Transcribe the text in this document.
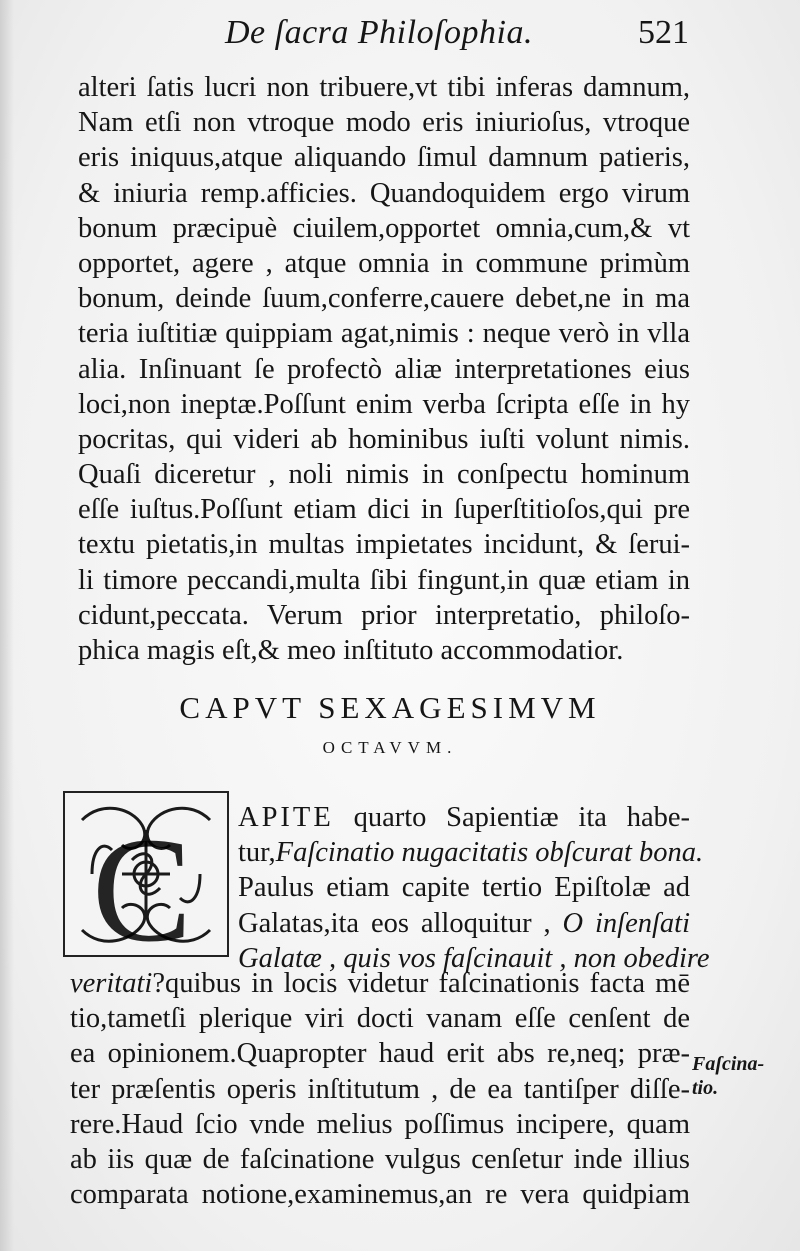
De ſacra Philoſophia.	521
alteri ſatis lucri non tribuere,vt tibi inferas damnum,
Nam etſi non vtroque modo eris iniurioſus, vtroque
eris iniquus,atque aliquando ſimul damnum patieris,
& iniuria remp.afficies. Quandoquidem ergo virum
bonum præcipuè ciuilem,opportet omnia,cum,& vt
opportet, agere , atque omnia in commune primùm
bonum, deinde ſuum,conferre,cauere debet,ne in ma
teria iuſtitiæ quippiam agat,nimis : neque verò in vlla
alia. Inſinuant ſe profectò aliæ interpretationes eius
loci,non ineptæ.Poſſunt enim verba ſcripta eſſe in hy
pocritas, qui videri ab hominibus iuſti volunt nimis.
Quaſi diceretur , noli nimis in conſpectu hominum
eſſe iuſtus.Poſſunt etiam dici in ſuperſtitioſos,qui pre
textu pietatis,in multas impietates incidunt, & ſerui-
li timore peccandi,multa ſibi fingunt,in quæ etiam in
cidunt,peccata. Verum prior interpretatio, philoſo-
phica magis eſt,& meo inſtituto accommodatior.
CAPVT SEXAGESIMVM
OCTAVVM.
C APITE quarto Sapientiæ ita habe-
tur,Faſcinatio nugacitatis obſcurat bona.
Paulus etiam capite tertio Epiſtolæ ad
Galatas,ita eos alloquitur , O inſenſati
Galatæ , quis vos faſcinauit , non obedire
veritati?quibus in locis videtur faſcinationis facta mē
tio,tametſi plerique viri docti vanam eſſe cenſent de
ea opinionem.Quapropter haud erit abs re,neq; præ-
ter præſentis operis inſtitutum , de ea tantiſper diſſe-
rere.Haud ſcio vnde melius poſſimus incipere, quam
ab iis quæ de faſcinatione vulgus cenſetur inde illius
comparata notione,examinemus,an re vera quidpiam
Faſcina-
tio.
